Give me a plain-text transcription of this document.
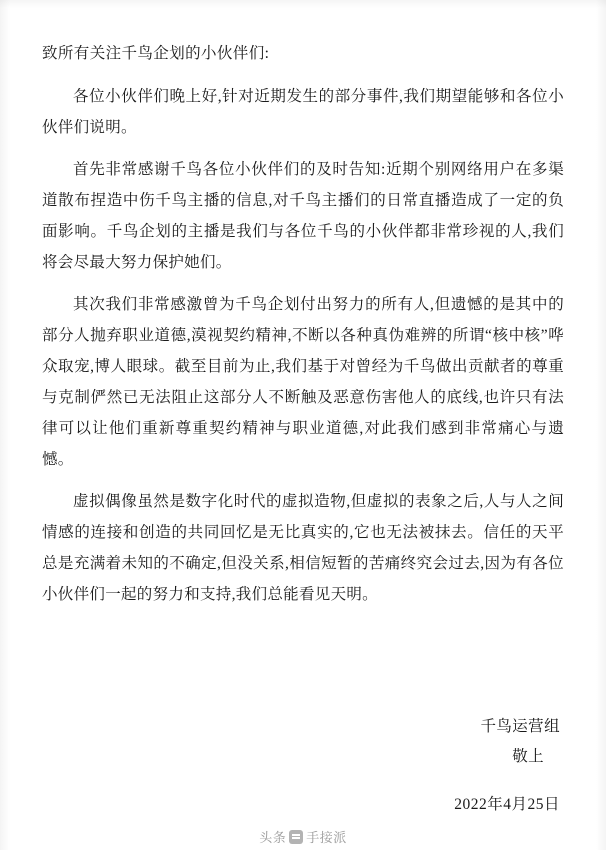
致所有关注千鸟企划的小伙伴们:

各位小伙伴们晚上好,针对近期发生的部分事件,我们期望能够和各位小伙伴们说明。

首先非常感谢千鸟各位小伙伴们的及时告知:近期个别网络用户在多渠道散布捏造中伤千鸟主播的信息,对千鸟主播们的日常直播造成了一定的负面影响。千鸟企划的主播是我们与各位千鸟的小伙伴都非常珍视的人,我们将会尽最大努力保护她们。

其次我们非常感激曾为千鸟企划付出努力的所有人,但遗憾的是其中的部分人抛弃职业道德,漠视契约精神,不断以各种真伪难辨的所谓“核中核”哗众取宠,博人眼球。截至目前为止,我们基于对曾经为千鸟做出贡献者的尊重与克制俨然已无法阻止这部分人不断触及恶意伤害他人的底线,也许只有法律可以让他们重新尊重契约精神与职业道德,对此我们感到非常痛心与遗憾。

虚拟偶像虽然是数字化时代的虚拟造物,但虚拟的表象之后,人与人之间情感的连接和创造的共同回忆是无比真实的,它也无法被抹去。信任的天平总是充满着未知的不确定,但没关系,相信短暂的苦痛终究会过去,因为有各位小伙伴们一起的努力和支持,我们总能看见天明。

千鸟运营组
敬上
2022年4月25日
头条 手接派
